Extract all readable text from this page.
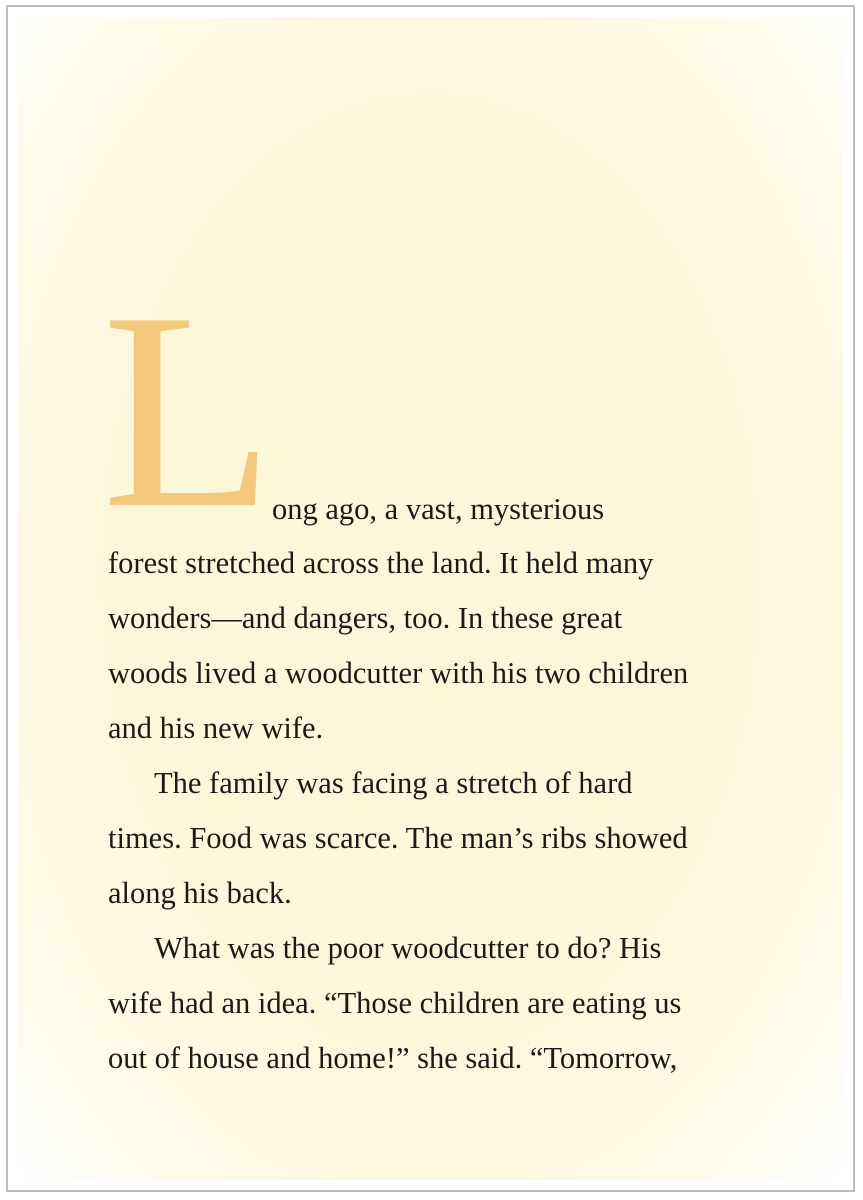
L
ong ago, a vast, mysterious
forest stretched across the land. It held many
wonders—and dangers, too. In these great
woods lived a woodcutter with his two children
and his new wife.
The family was facing a stretch of hard
times. Food was scarce. The man’s ribs showed
along his back.
What was the poor woodcutter to do? His
wife had an idea. “Those children are eating us
out of house and home!” she said. “Tomorrow,
